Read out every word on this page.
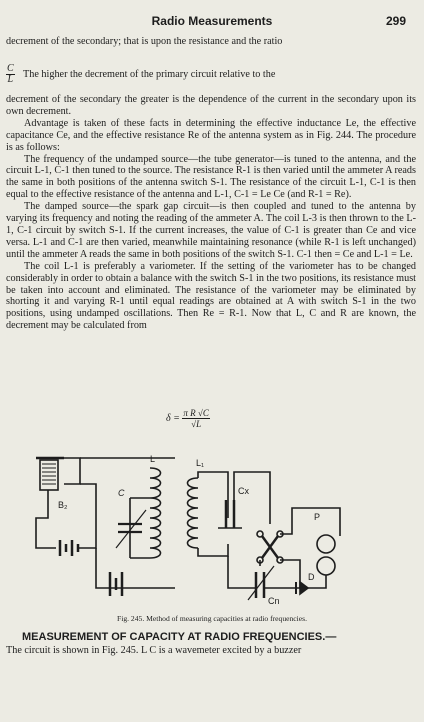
Radio Measurements	299

decrement of the secondary; that is upon the resistance and the ratio

$\frac{C}{L}$ The higher the decrement of the primary circuit relative to the

decrement of the secondary the greater is the dependence of the current in the secondary upon its own decrement.

Advantage is taken of these facts in determining the effective inductance Le, the effective capacitance Ce, and the effective resistance Re of the antenna system as in Fig. 244. The procedure is as follows:

The frequency of the undamped source—the tube generator—is tuned to the antenna, and the circuit L-1, C-1 then tuned to the source. The resistance R-1 is then varied until the ammeter A reads the same in both positions of the antenna switch S-1. The resistance of the circuit L-1, C-1 is then equal to the effective resistance of the antenna and L-1, C-1 = Le Ce (and R-1 = Re).

The damped source—the spark gap circuit—is then coupled and tuned to the antenna by varying its frequency and noting the reading of the ammeter A. The coil L-3 is then thrown to the L-1, C-1 circuit by switch S-1. If the current increases, the value of C-1 is greater than Ce and vice versa. L-1 and C-1 are then varied, meanwhile maintaining resonance (while R-1 is left unchanged) until the ammeter A reads the same in both positions of the switch S-1. C-1 then = Ce and L-1 = Le.

The coil L-1 is preferably a variometer. If the setting of the variometer has to be changed considerably in order to obtain a balance with the switch S-1 in the two positions, its resistance must be taken into account and eliminated. The resistance of the variometer may be eliminated by shorting it and varying R-1 until equal readings are obtained at A with switch S-1 in the two positions, using undamped oscillations. Then Re = R-1. Now that L, C and R are known, the decrement may be calculated from

$\delta = \frac{\text{π R √C}}{√L}$
B₂
C
L	L₁
Cx
Cn
P
D
Fig. 245. Method of measuring capacities at radio frequencies.
MEASUREMENT OF CAPACITY AT RADIO FREQUENCIES.—
The circuit is shown in Fig. 245. L C is a wavemeter excited by a buzzer
